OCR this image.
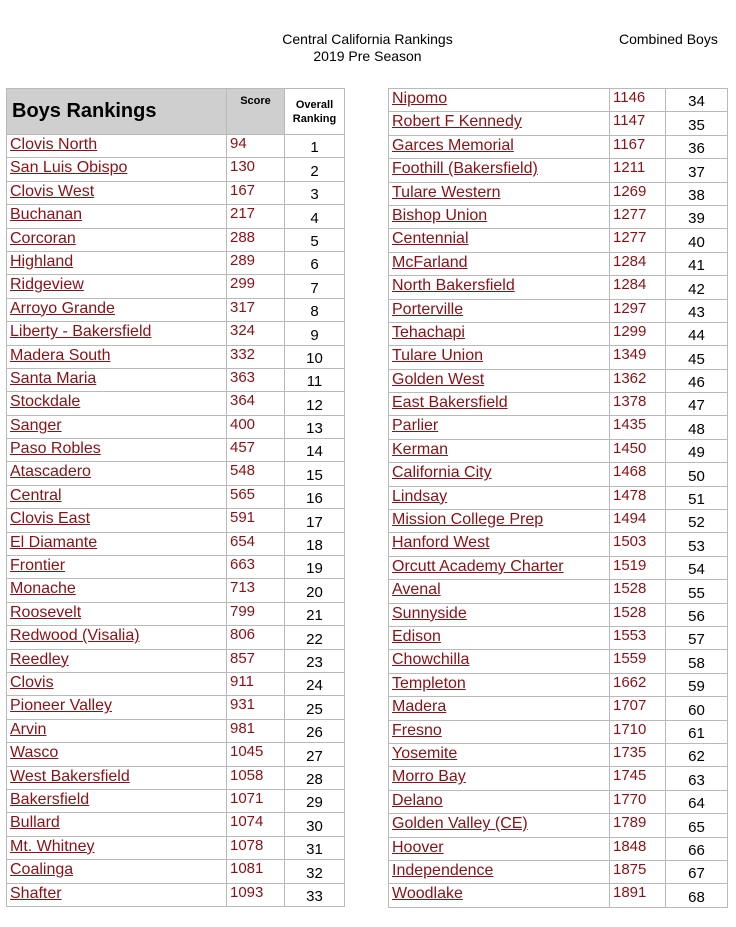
Central California Rankings
2019 Pre Season
Combined Boys
Boys Rankings	Score	Overall
Ranking

Clovis North	94	1
San Luis Obispo	130	2
Clovis West	167	3
Buchanan	217	4
Corcoran	288	5
Highland	289	6
Ridgeview	299	7
Arroyo Grande	317	8
Liberty - Bakersfield	324	9
Madera South	332	10
Santa Maria	363	11
Stockdale	364	12
Sanger	400	13
Paso Robles	457	14
Atascadero	548	15
Central	565	16
Clovis East	591	17
El Diamante	654	18
Frontier	663	19
Monache	713	20
Roosevelt	799	21
Redwood (Visalia)	806	22
Reedley	857	23
Clovis	911	24
Pioneer Valley	931	25
Arvin	981	26
Wasco	1045	27
West Bakersfield	1058	28
Bakersfield	1071	29
Bullard	1074	30
Mt. Whitney	1078	31
Coalinga	1081	32
Shafter	1093	33
Nipomo	1146	34
Robert F Kennedy	1147	35
Garces Memorial	1167	36
Foothill (Bakersfield)	1211	37
Tulare Western	1269	38
Bishop Union	1277	39
Centennial	1277	40
McFarland	1284	41
North Bakersfield	1284	42
Porterville	1297	43
Tehachapi	1299	44
Tulare Union	1349	45
Golden West	1362	46
East Bakersfield	1378	47
Parlier	1435	48
Kerman	1450	49
California City	1468	50
Lindsay	1478	51
Mission College Prep	1494	52
Hanford West	1503	53
Orcutt Academy Charter	1519	54
Avenal	1528	55
Sunnyside	1528	56
Edison	1553	57
Chowchilla	1559	58
Templeton	1662	59
Madera	1707	60
Fresno	1710	61
Yosemite	1735	62
Morro Bay	1745	63
Delano	1770	64
Golden Valley (CE)	1789	65
Hoover	1848	66
Independence	1875	67
Woodlake	1891	68
